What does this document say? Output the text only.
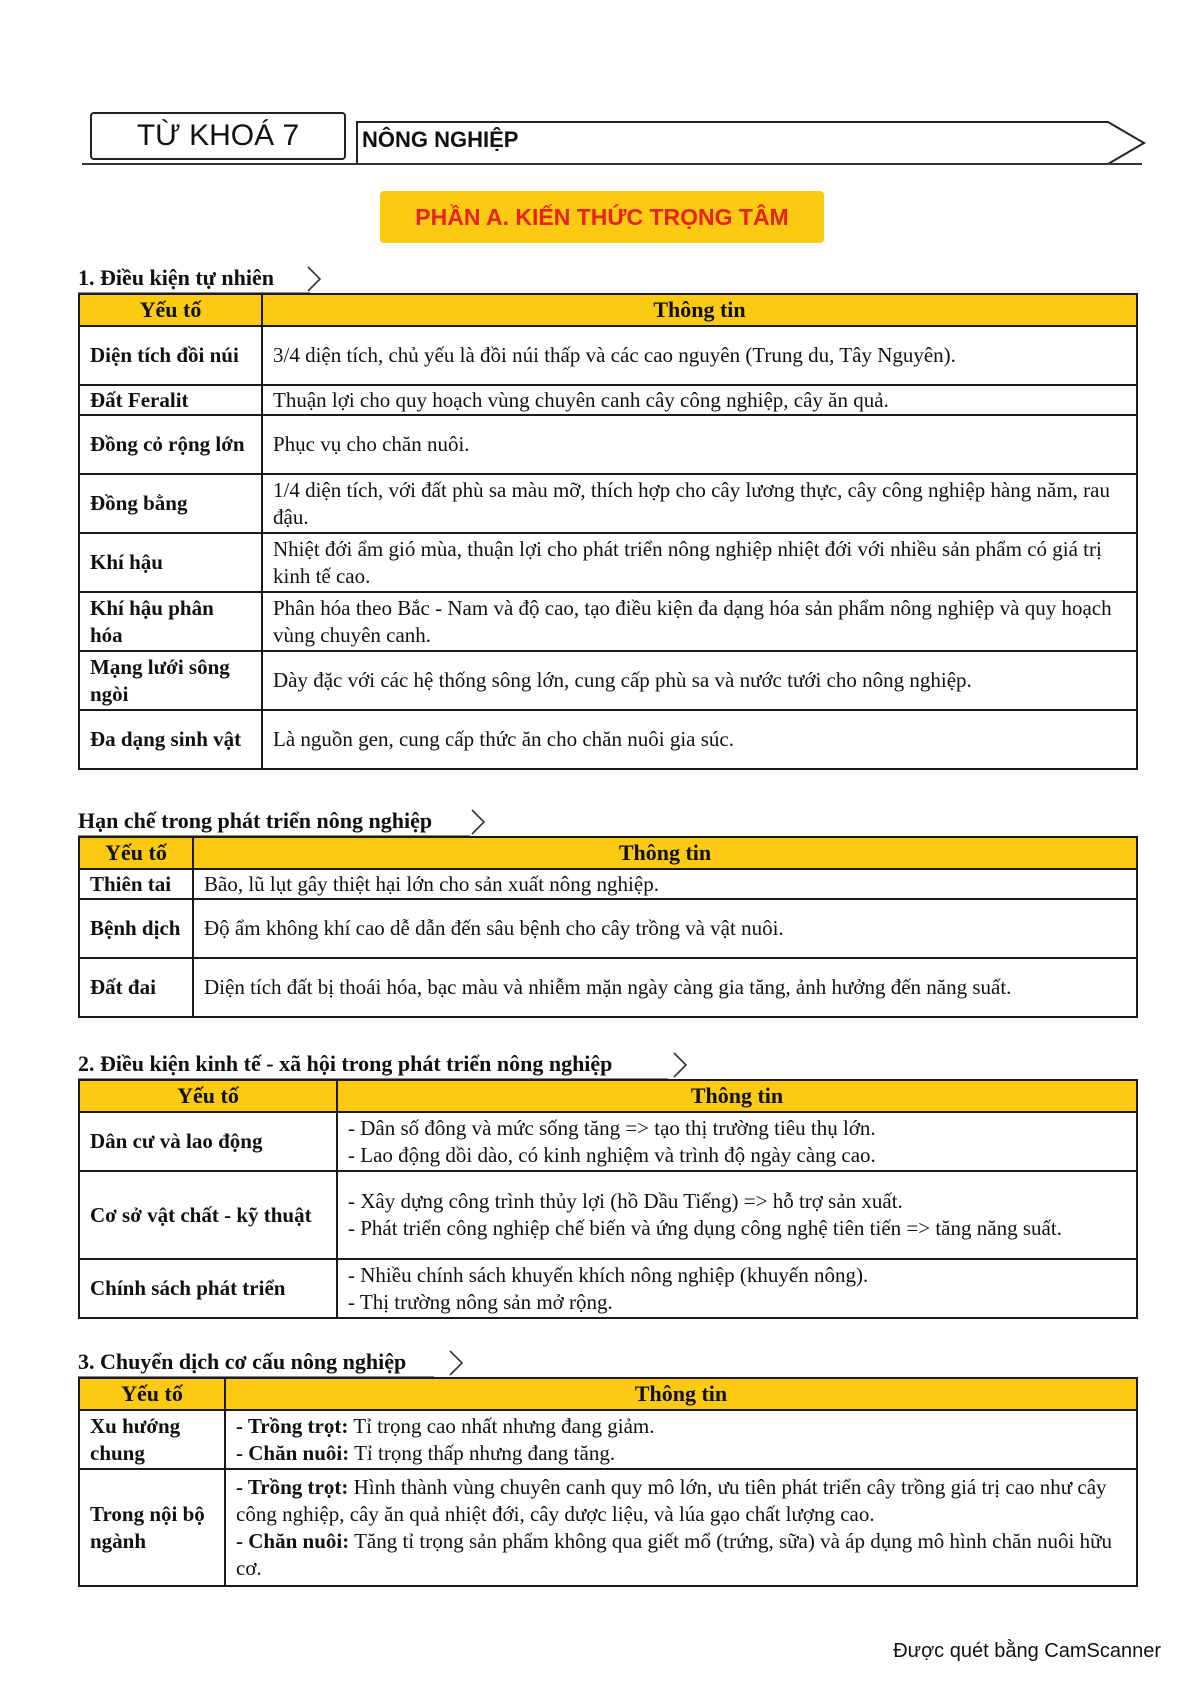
TỪ KHOÁ 7	NÔNG NGHIỆP
PHẦN A. KIẾN THỨC TRỌNG TÂM
1. Điều kiện tự nhiên
Yếu tố	Thông tin
Diện tích đồi núi	3/4 diện tích, chủ yếu là đồi núi thấp và các cao nguyên (Trung du, Tây Nguyên).
Đất Feralit	Thuận lợi cho quy hoạch vùng chuyên canh cây công nghiệp, cây ăn quả.
Đồng cỏ rộng lớn	Phục vụ cho chăn nuôi.
Đồng bằng	1/4 diện tích, với đất phù sa màu mỡ, thích hợp cho cây lương thực, cây công nghiệp hàng năm, rau đậu.
Khí hậu	Nhiệt đới ẩm gió mùa, thuận lợi cho phát triển nông nghiệp nhiệt đới với nhiều sản phẩm có giá trị kinh tế cao.
Khí hậu phân hóa	Phân hóa theo Bắc - Nam và độ cao, tạo điều kiện đa dạng hóa sản phẩm nông nghiệp và quy hoạch vùng chuyên canh.
Mạng lưới sông ngòi	Dày đặc với các hệ thống sông lớn, cung cấp phù sa và nước tưới cho nông nghiệp.
Đa dạng sinh vật	Là nguồn gen, cung cấp thức ăn cho chăn nuôi gia súc.
Hạn chế trong phát triển nông nghiệp
Yếu tố	Thông tin
Thiên tai	Bão, lũ lụt gây thiệt hại lớn cho sản xuất nông nghiệp.
Bệnh dịch	Độ ẩm không khí cao dễ dẫn đến sâu bệnh cho cây trồng và vật nuôi.
Đất đai	Diện tích đất bị thoái hóa, bạc màu và nhiễm mặn ngày càng gia tăng, ảnh hưởng đến năng suất.
2. Điều kiện kinh tế - xã hội trong phát triển nông nghiệp
Yếu tố	Thông tin
Dân cư và lao động	- Dân số đông và mức sống tăng => tạo thị trường tiêu thụ lớn.
- Lao động dồi dào, có kinh nghiệm và trình độ ngày càng cao.

Cơ sở vật chất - kỹ thuật	- Xây dựng công trình thủy lợi (hồ Dầu Tiếng) => hỗ trợ sản xuất.
- Phát triển công nghiệp chế biến và ứng dụng công nghệ tiên tiến => tăng năng suất.

Chính sách phát triển	- Nhiều chính sách khuyến khích nông nghiệp (khuyến nông).
- Thị trường nông sản mở rộng.
3. Chuyển dịch cơ cấu nông nghiệp
Yếu tố	Thông tin
Xu hướng chung	- Trồng trọt: Tỉ trọng cao nhất nhưng đang giảm.
- Chăn nuôi: Tỉ trọng thấp nhưng đang tăng.

Trong nội bộ ngành	- Trồng trọt: Hình thành vùng chuyên canh quy mô lớn, ưu tiên phát triển cây trồng giá trị cao như cây công nghiệp, cây ăn quả nhiệt đới, cây dược liệu, và lúa gạo chất lượng cao.
- Chăn nuôi: Tăng tỉ trọng sản phẩm không qua giết mổ (trứng, sữa) và áp dụng mô hình chăn nuôi hữu cơ.
Được quét bằng CamScanner
